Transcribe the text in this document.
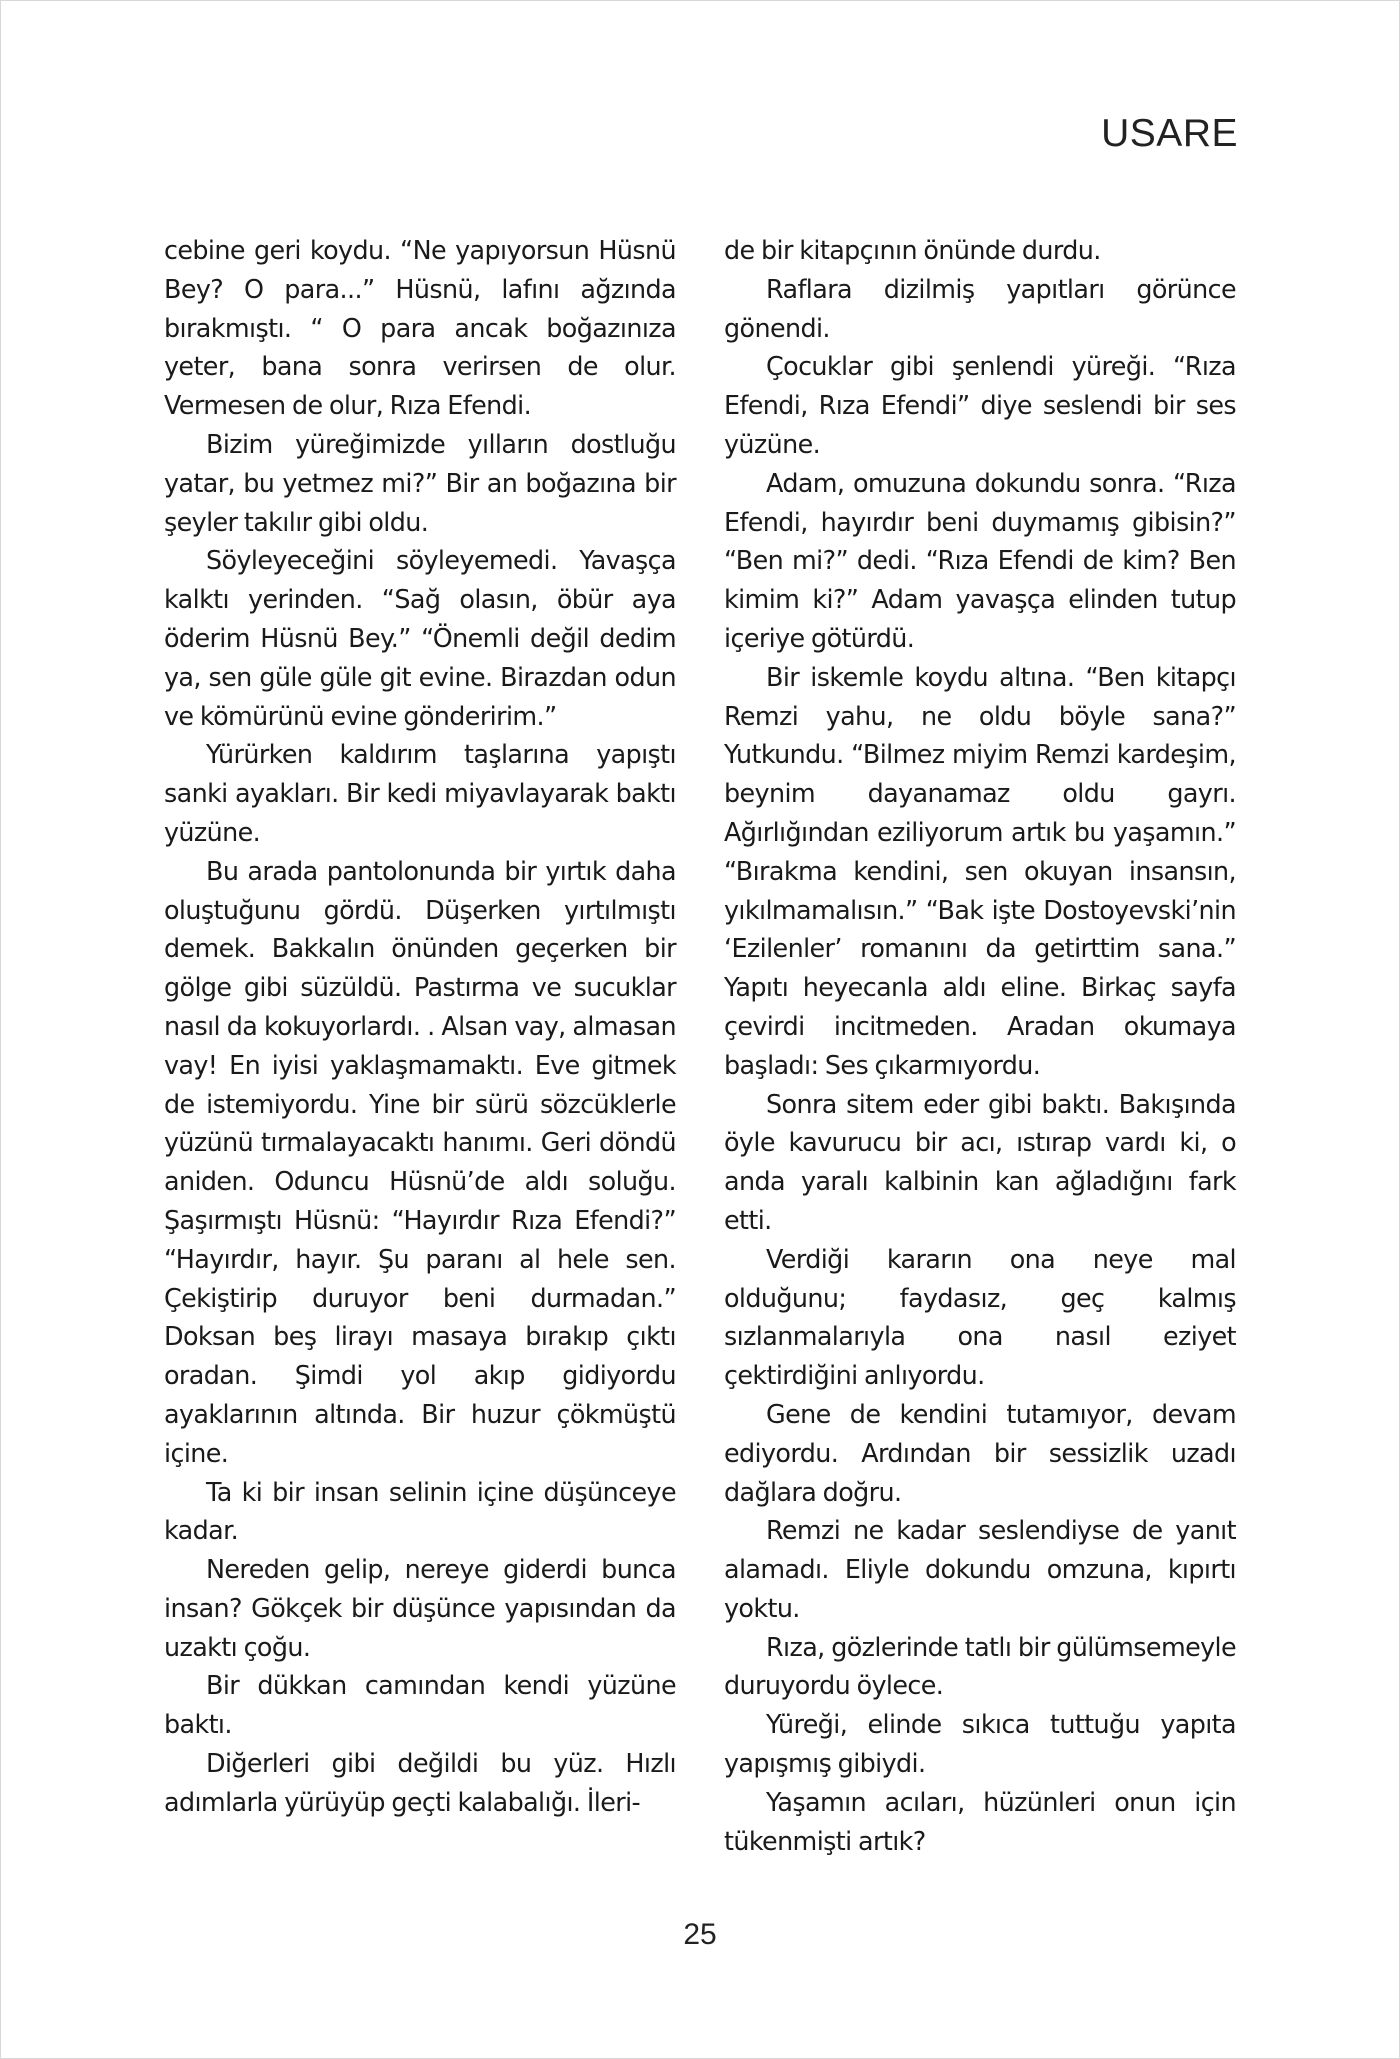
USARE

cebine geri koydu. “Ne yapıyorsun Hüsnü Bey? O para...” Hüsnü, lafını ağzında bırakmıştı. “ O para ancak boğazınıza yeter, bana sonra verirsen de olur. Vermesen de olur, Rıza Efendi.

Bizim yüreğimizde yılların dostluğu yatar, bu yetmez mi?” Bir an boğazına bir şeyler takılır gibi oldu.

Söyleyeceğini söyleyemedi. Yavaşça kalktı yerinden. “Sağ olasın, öbür aya öderim Hüsnü Bey.” “Önemli değil dedim ya, sen güle güle git evine. Birazdan odun ve kömürünü evine gönderirim.”

Yürürken kaldırım taşlarına yapıştı sanki ayakları. Bir kedi miyavlayarak baktı yüzüne.

Bu arada pantolonunda bir yırtık daha oluştuğunu gördü. Düşerken yırtılmıştı demek. Bakkalın önünden geçerken bir gölge gibi süzüldü. Pastırma ve sucuklar nasıl da kokuyorlardı. . Alsan vay, almasan vay! En iyisi yaklaşmamaktı. Eve gitmek de istemiyordu. Yine bir sürü sözcüklerle yüzünü tırmalayacaktı hanımı. Geri döndü aniden. Oduncu Hüsnü’de aldı soluğu. Şaşırmıştı Hüsnü: “Hayırdır Rıza Efendi?” “Hayırdır, hayır. Şu paranı al hele sen. Çekiştirip duruyor beni durmadan.” Doksan beş lirayı masaya bırakıp çıktı oradan. Şimdi yol akıp gidiyordu ayaklarının altında. Bir huzur çökmüştü içine.

Ta ki bir insan selinin içine düşünceye kadar.

Nereden gelip, nereye giderdi bunca insan? Gökçek bir düşünce yapısından da uzaktı çoğu.

Bir dükkan camından kendi yüzüne baktı.

Diğerleri gibi değildi bu yüz. Hızlı adımlarla yürüyüp geçti kalabalığı. İleri-

de bir kitapçının önünde durdu.

Raflara dizilmiş yapıtları görünce gönendi.

Çocuklar gibi şenlendi yüreği. “Rıza Efendi, Rıza Efendi” diye seslendi bir ses yüzüne.

Adam, omuzuna dokundu sonra. “Rıza Efendi, hayırdır beni duymamış gibisin?” “Ben mi?” dedi. “Rıza Efendi de kim? Ben kimim ki?” Adam yavaşça elinden tutup içeriye götürdü.

Bir iskemle koydu altına. “Ben kitapçı Remzi yahu, ne oldu böyle sana?” Yutkundu. “Bilmez miyim Remzi kardeşim, beynim dayanamaz oldu gayrı. Ağırlığından eziliyorum artık bu yaşamın.” “Bırakma kendini, sen okuyan insansın, yıkılmamalısın.” “Bak işte Dostoyevski’nin ‘Ezilenler’ romanını da getirttim sana.” Yapıtı heyecanla aldı eline. Birkaç sayfa çevirdi incitmeden. Aradan okumaya başladı: Ses çıkarmıyordu.

Sonra sitem eder gibi baktı. Bakışında öyle kavurucu bir acı, ıstırap vardı ki, o anda yaralı kalbinin kan ağladığını fark etti.

Verdiği kararın ona neye mal olduğunu; faydasız, geç kalmış sızlanmalarıyla ona nasıl eziyet çektirdiğini anlıyordu.

Gene de kendini tutamıyor, devam ediyordu. Ardından bir sessizlik uzadı dağlara doğru.

Remzi ne kadar seslendiyse de yanıt alamadı. Eliyle dokundu omzuna, kıpırtı yoktu.

Rıza, gözlerinde tatlı bir gülümsemeyle duruyordu öylece.

Yüreği, elinde sıkıca tuttuğu yapıta yapışmış gibiydi.

Yaşamın acıları, hüzünleri onun için tükenmişti artık?

25
